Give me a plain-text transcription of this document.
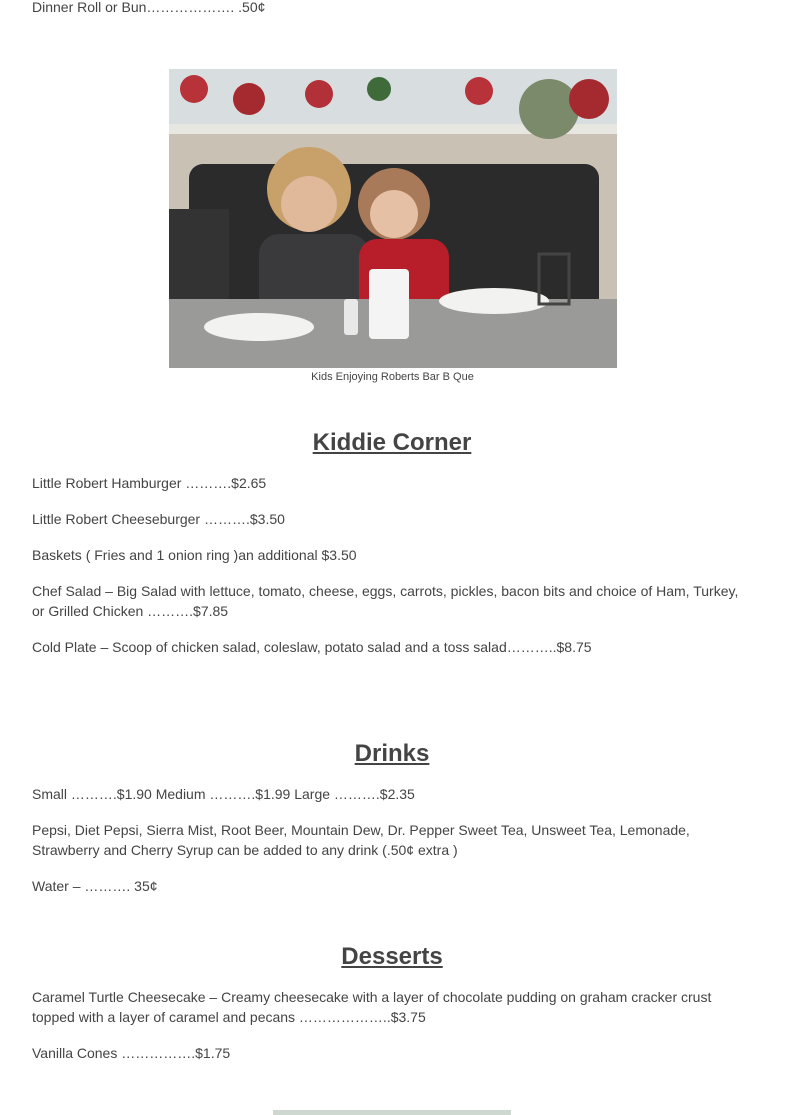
Dinner Roll or Bun………………. .50¢

Kids Enjoying Roberts Bar B Que
Kiddie Corner

Little Robert Hamburger ……….$2.65

Little Robert Cheeseburger ……….$3.50

Baskets ( Fries and 1 onion ring )an additional $3.50

Chef Salad – Big Salad with lettuce, tomato, cheese, eggs, carrots, pickles, bacon bits and choice of Ham, Turkey, or Grilled Chicken ……….$7.85

Cold Plate – Scoop of chicken salad, coleslaw, potato salad and a toss salad………..$8.75

Drinks

Small ……….$1.90 Medium ……….$1.99 Large ……….$2.35

Pepsi, Diet Pepsi, Sierra Mist, Root Beer, Mountain Dew, Dr. Pepper Sweet Tea, Unsweet Tea, Lemonade, Strawberry and Cherry Syrup can be added to any drink (.50¢ extra )

Water – ………. 35¢

Desserts

Caramel Turtle Cheesecake – Creamy cheesecake with a layer of chocolate pudding on graham cracker crust topped with a layer of caramel and pecans ………………..$3.75

Vanilla Cones …………….$1.75
